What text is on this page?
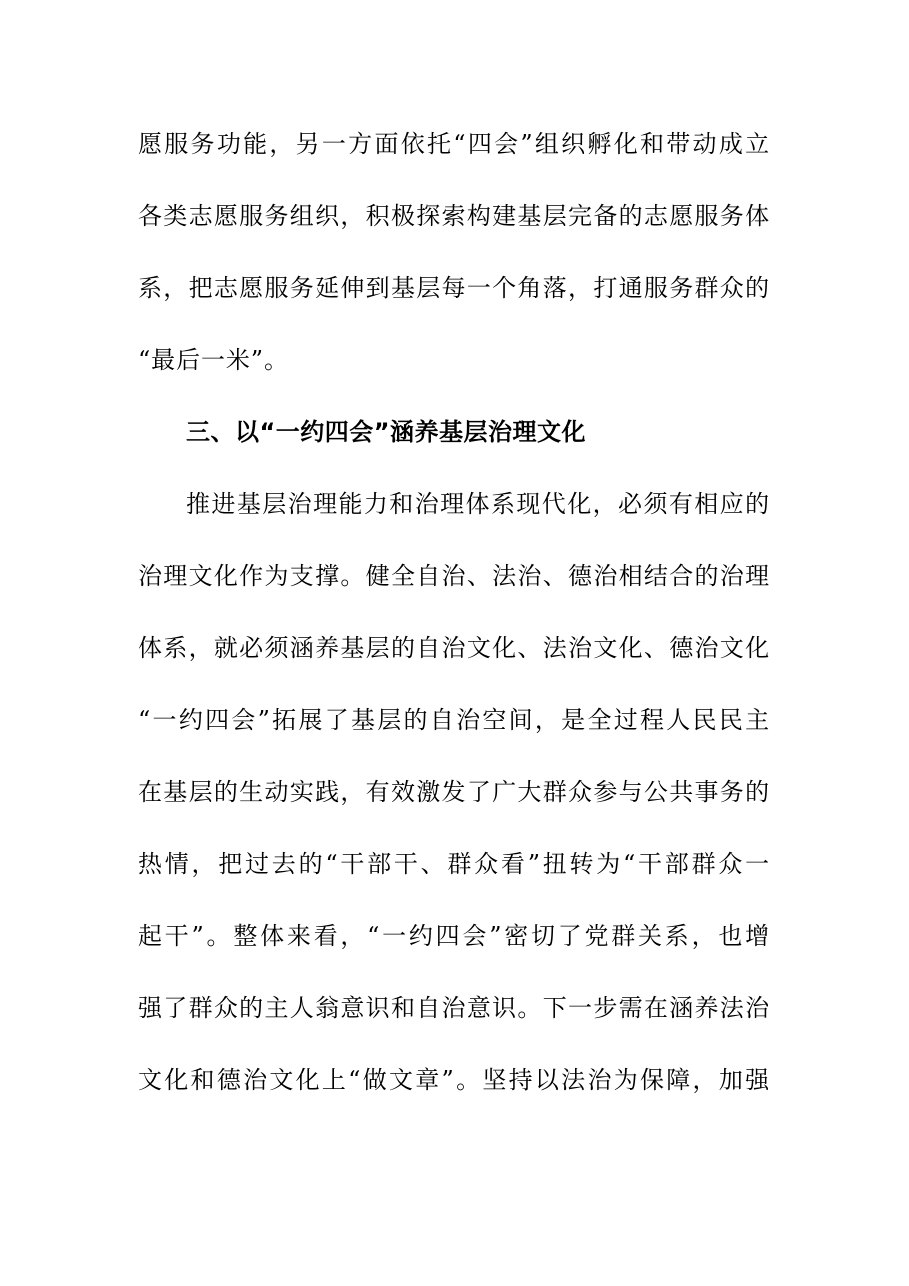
愿服务功能，另一方面依托“四会”组织孵化和带动成立
各类志愿服务组织，积极探索构建基层完备的志愿服务体
系，把志愿服务延伸到基层每一个角落，打通服务群众的
“最后一米”。
三、以“一约四会”涵养基层治理文化
推进基层治理能力和治理体系现代化，必须有相应的
治理文化作为支撑。健全自治、法治、德治相结合的治理
体系，就必须涵养基层的自治文化、法治文化、德治文化
“一约四会”拓展了基层的自治空间，是全过程人民民主
在基层的生动实践，有效激发了广大群众参与公共事务的
热情，把过去的“干部干、群众看”扭转为“干部群众一
起干”。整体来看，“一约四会”密切了党群关系，也增
强了群众的主人翁意识和自治意识。下一步需在涵养法治
文化和德治文化上“做文章”。坚持以法治为保障，加强
